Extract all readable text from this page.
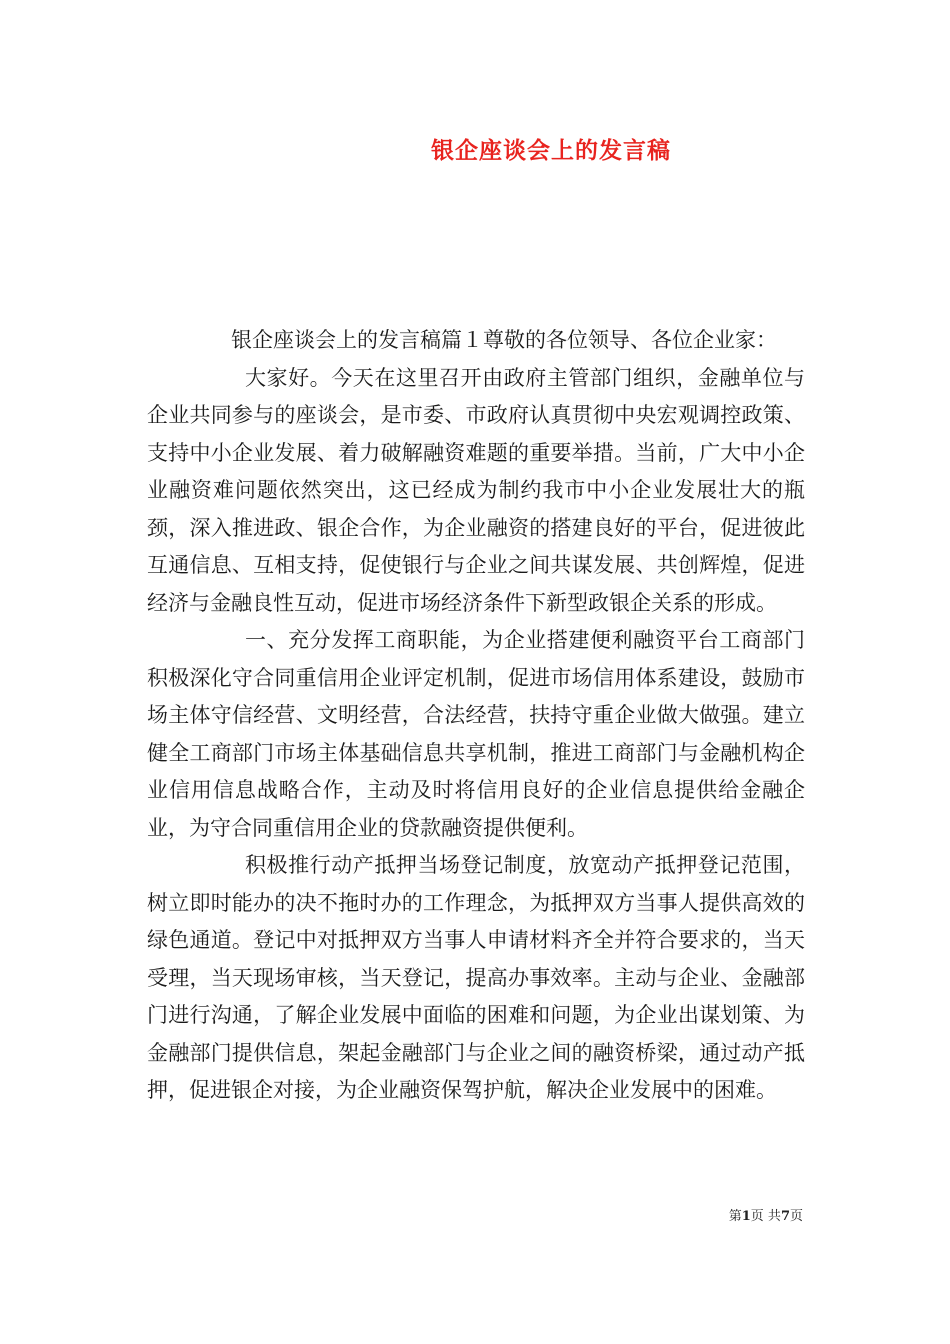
银企座谈会上的发言稿

银企座谈会上的发言稿篇１尊敬的各位领导、各位企业家：

大家好。今天在这里召开由政府主管部门组织，金融单位与企业共同参与的座谈会，是市委、市政府认真贯彻中央宏观调控政策、支持中小企业发展、着力破解融资难题的重要举措。当前，广大中小企业融资难问题依然突出，这已经成为制约我市中小企业发展壮大的瓶颈，深入推进政、银企合作，为企业融资的搭建良好的平台，促进彼此互通信息、互相支持，促使银行与企业之间共谋发展、共创辉煌，促进经济与金融良性互动，促进市场经济条件下新型政银企关系的形成。

一、充分发挥工商职能，为企业搭建便利融资平台工商部门积极深化守合同重信用企业评定机制，促进市场信用体系建设，鼓励市场主体守信经营、文明经营，合法经营，扶持守重企业做大做强。建立健全工商部门市场主体基础信息共享机制，推进工商部门与金融机构企业信用信息战略合作，主动及时将信用良好的企业信息提供给金融企业，为守合同重信用企业的贷款融资提供便利。

积极推行动产抵押当场登记制度，放宽动产抵押登记范围，树立即时能办的决不拖时办的工作理念，为抵押双方当事人提供高效的绿色通道。登记中对抵押双方当事人申请材料齐全并符合要求的，当天受理，当天现场审核，当天登记，提高办事效率。主动与企业、金融部门进行沟通，了解企业发展中面临的困难和问题，为企业出谋划策、为金融部门提供信息，架起金融部门与企业之间的融资桥梁，通过动产抵押，促进银企对接，为企业融资保驾护航，解决企业发展中的困难。

第1页 共7页
